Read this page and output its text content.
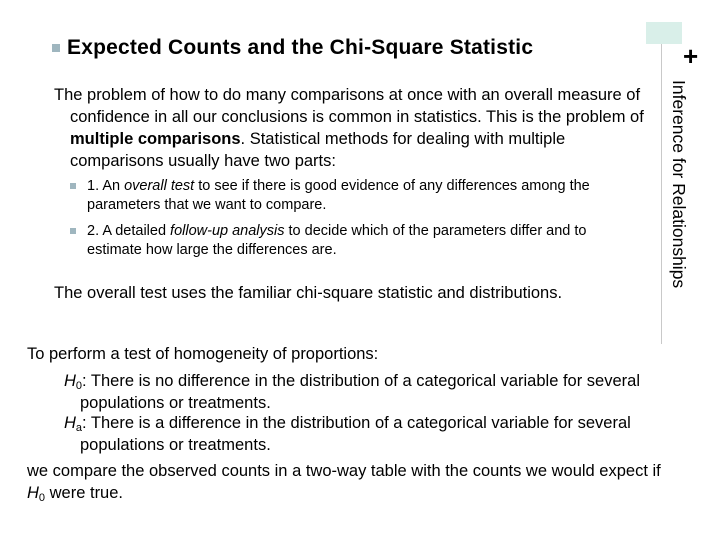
+
Inference for Relationships
Expected Counts and the Chi-Square Statistic
The problem of how to do many comparisons at once with an overall measure of confidence in all our conclusions is common in statistics. This is the problem of multiple comparisons. Statistical methods for dealing with multiple comparisons usually have two parts:
1. An overall test to see if there is good evidence of any differences among the parameters that we want to compare.
2. A detailed follow-up analysis to decide which of the parameters differ and to estimate how large the differences are.
The overall test uses the familiar chi-square statistic and distributions.
To perform a test of homogeneity of proportions:
$H_0$: There is no difference in the distribution of a categorical variable for several populations or treatments.
$H_a$: There is a difference in the distribution of a categorical variable for several populations or treatments.
we compare the observed counts in a two-way table with the counts we would expect if $H_0$ were true.
